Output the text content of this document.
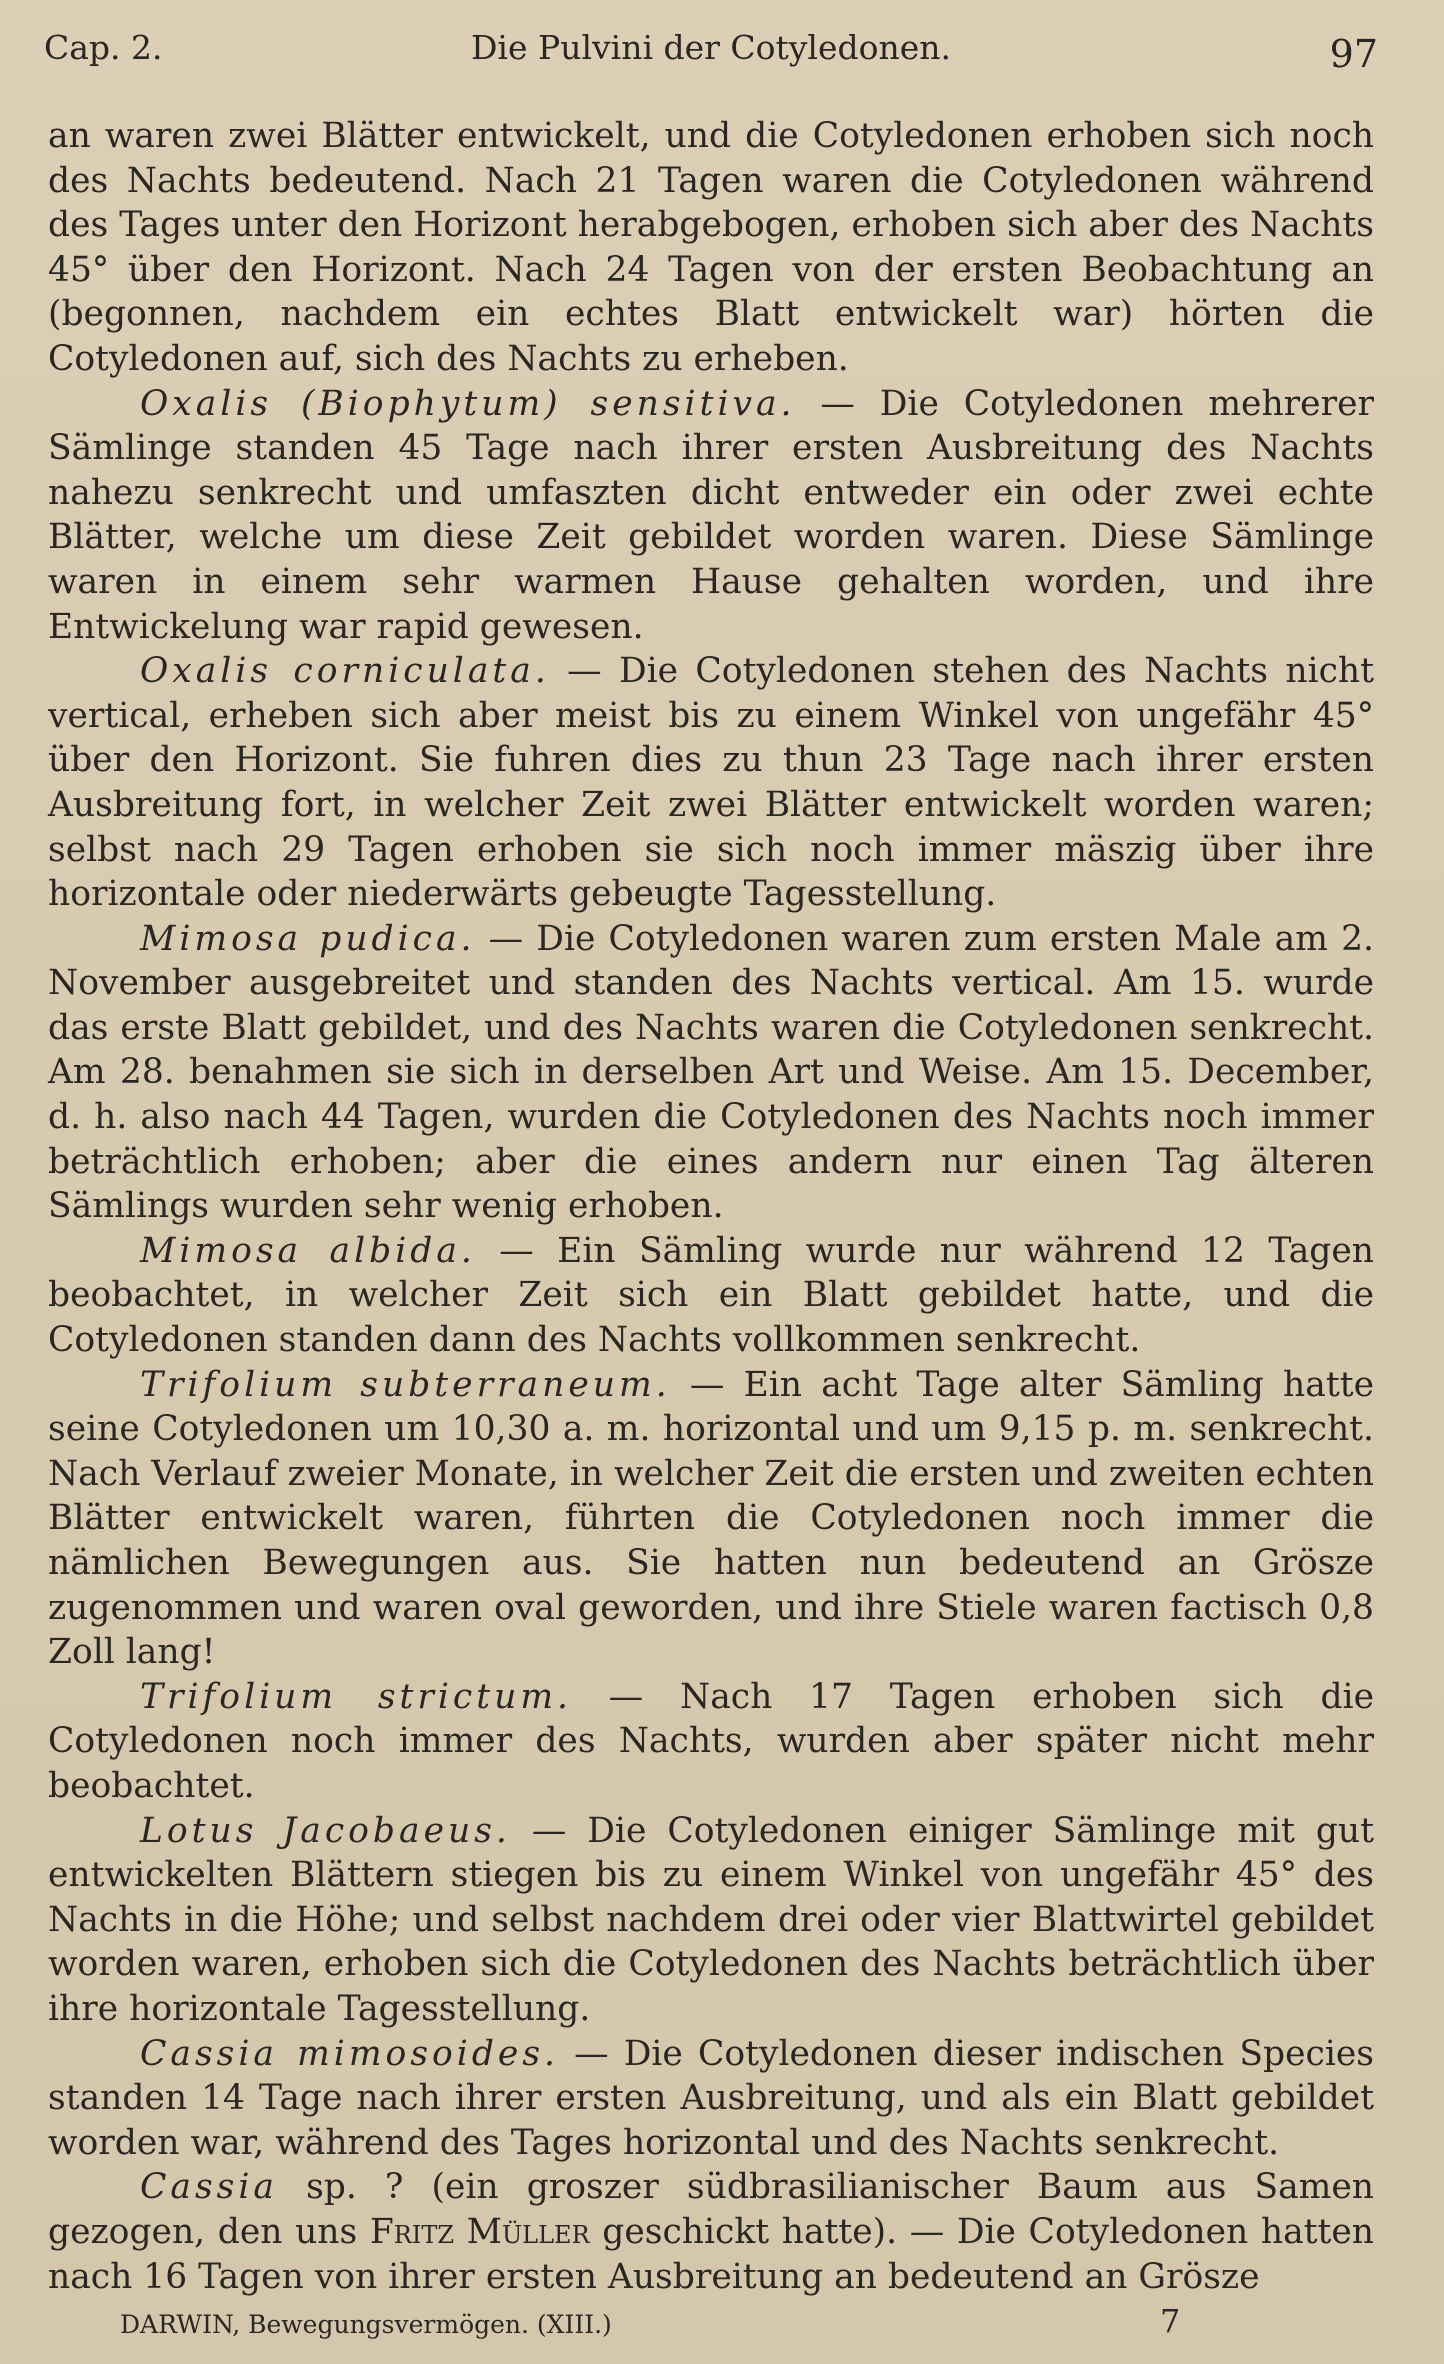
Cap. 2.	Die Pulvini der Cotyledonen.	97

an waren zwei Blätter entwickelt, und die Cotyledonen erhoben sich noch des Nachts bedeutend. Nach 21 Tagen waren die Cotyledonen während des Tages unter den Horizont herabgebogen, erhoben sich aber des Nachts 45° über den Horizont. Nach 24 Tagen von der ersten Beobachtung an (begonnen, nachdem ein echtes Blatt entwickelt war) hörten die Cotyledonen auf, sich des Nachts zu erheben.

Oxalis (Biophytum) sensitiva. — Die Cotyledonen mehrerer Sämlinge standen 45 Tage nach ihrer ersten Ausbreitung des Nachts nahezu senkrecht und umfaszten dicht entweder ein oder zwei echte Blätter, welche um diese Zeit gebildet worden waren. Diese Sämlinge waren in einem sehr warmen Hause gehalten worden, und ihre Entwickelung war rapid gewesen.

Oxalis corniculata. — Die Cotyledonen stehen des Nachts nicht vertical, erheben sich aber meist bis zu einem Winkel von ungefähr 45° über den Horizont. Sie fuhren dies zu thun 23 Tage nach ihrer ersten Ausbreitung fort, in welcher Zeit zwei Blätter entwickelt worden waren; selbst nach 29 Tagen erhoben sie sich noch immer mäszig über ihre horizontale oder niederwärts gebeugte Tagesstellung.

Mimosa pudica. — Die Cotyledonen waren zum ersten Male am 2. November ausgebreitet und standen des Nachts vertical. Am 15. wurde das erste Blatt gebildet, und des Nachts waren die Cotyledonen senkrecht. Am 28. benahmen sie sich in derselben Art und Weise. Am 15. December, d. h. also nach 44 Tagen, wurden die Cotyledonen des Nachts noch immer beträchtlich erhoben; aber die eines andern nur einen Tag älteren Sämlings wurden sehr wenig erhoben.

Mimosa albida. — Ein Sämling wurde nur während 12 Tagen beobachtet, in welcher Zeit sich ein Blatt gebildet hatte, und die Cotyledonen standen dann des Nachts vollkommen senkrecht.

Trifolium subterraneum. — Ein acht Tage alter Sämling hatte seine Cotyledonen um 10,30 a. m. horizontal und um 9,15 p. m. senkrecht. Nach Verlauf zweier Monate, in welcher Zeit die ersten und zweiten echten Blätter entwickelt waren, führten die Cotyledonen noch immer die nämlichen Bewegungen aus. Sie hatten nun bedeutend an Grösze zugenommen und waren oval geworden, und ihre Stiele waren factisch 0,8 Zoll lang!

Trifolium strictum. — Nach 17 Tagen erhoben sich die Cotyledonen noch immer des Nachts, wurden aber später nicht mehr beobachtet.

Lotus Jacobaeus. — Die Cotyledonen einiger Sämlinge mit gut entwickelten Blättern stiegen bis zu einem Winkel von ungefähr 45° des Nachts in die Höhe; und selbst nachdem drei oder vier Blattwirtel gebildet worden waren, erhoben sich die Cotyledonen des Nachts beträchtlich über ihre horizontale Tagesstellung.

Cassia mimosoides. — Die Cotyledonen dieser indischen Species standen 14 Tage nach ihrer ersten Ausbreitung, und als ein Blatt gebildet worden war, während des Tages horizontal und des Nachts senkrecht.

Cassia sp. ? (ein groszer südbrasilianischer Baum aus Samen gezogen, den uns Fritz Müller geschickt hatte). — Die Cotyledonen hatten nach 16 Tagen von ihrer ersten Ausbreitung an bedeutend an Grösze

DARWIN, Bewegungsvermögen. (XIII.)	7
